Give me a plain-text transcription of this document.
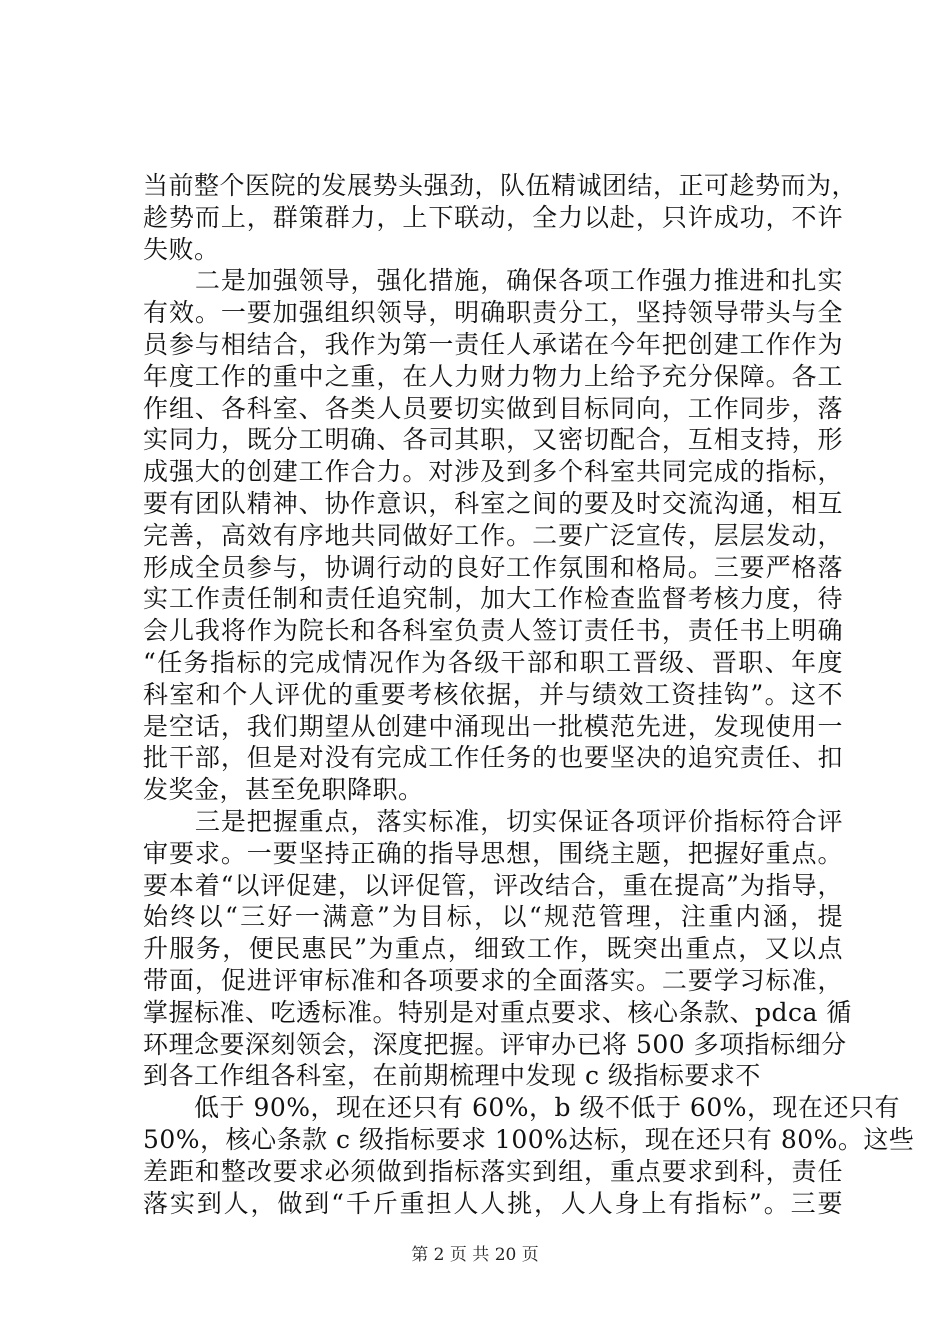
当前整个医院的发展势头强劲，队伍精诚团结，正可趁势而为，
趁势而上，群策群力，上下联动，全力以赴，只许成功，不许
失败。
　　二是加强领导，强化措施，确保各项工作强力推进和扎实
有效。一要加强组织领导，明确职责分工，坚持领导带头与全
员参与相结合，我作为第一责任人承诺在今年把创建工作作为
年度工作的重中之重，在人力财力物力上给予充分保障。各工
作组、各科室、各类人员要切实做到目标同向，工作同步，落
实同力，既分工明确、各司其职，又密切配合，互相支持，形
成强大的创建工作合力。对涉及到多个科室共同完成的指标，
要有团队精神、协作意识，科室之间的要及时交流沟通，相互
完善，高效有序地共同做好工作。二要广泛宣传，层层发动，
形成全员参与，协调行动的良好工作氛围和格局。三要严格落
实工作责任制和责任追究制，加大工作检查监督考核力度，待
会儿我将作为院长和各科室负责人签订责任书，责任书上明确
“任务指标的完成情况作为各级干部和职工晋级、晋职、年度
科室和个人评优的重要考核依据，并与绩效工资挂钩”。这不
是空话，我们期望从创建中涌现出一批模范先进，发现使用一
批干部，但是对没有完成工作任务的也要坚决的追究责任、扣
发奖金，甚至免职降职。
　　三是把握重点，落实标准，切实保证各项评价指标符合评
审要求。一要坚持正确的指导思想，围绕主题，把握好重点。
要本着“以评促建，以评促管，评改结合，重在提高”为指导，
始终以“三好一满意”为目标，以“规范管理，注重内涵，提
升服务，便民惠民”为重点，细致工作，既突出重点，又以点
带面，促进评审标准和各项要求的全面落实。二要学习标准，
掌握标准、吃透标准。特别是对重点要求、核心条款、pdca 循
环理念要深刻领会，深度把握。评审办已将 500 多项指标细分
到各工作组各科室，在前期梳理中发现 c 级指标要求不
　　低于 90%，现在还只有 60%，b 级不低于 60%，现在还只有
50%，核心条款 c 级指标要求 100%达标，现在还只有 80%。这些
差距和整改要求必须做到指标落实到组，重点要求到科，责任
落实到人，做到“千斤重担人人挑，人人身上有指标”。三要
第 2 页 共 20 页
